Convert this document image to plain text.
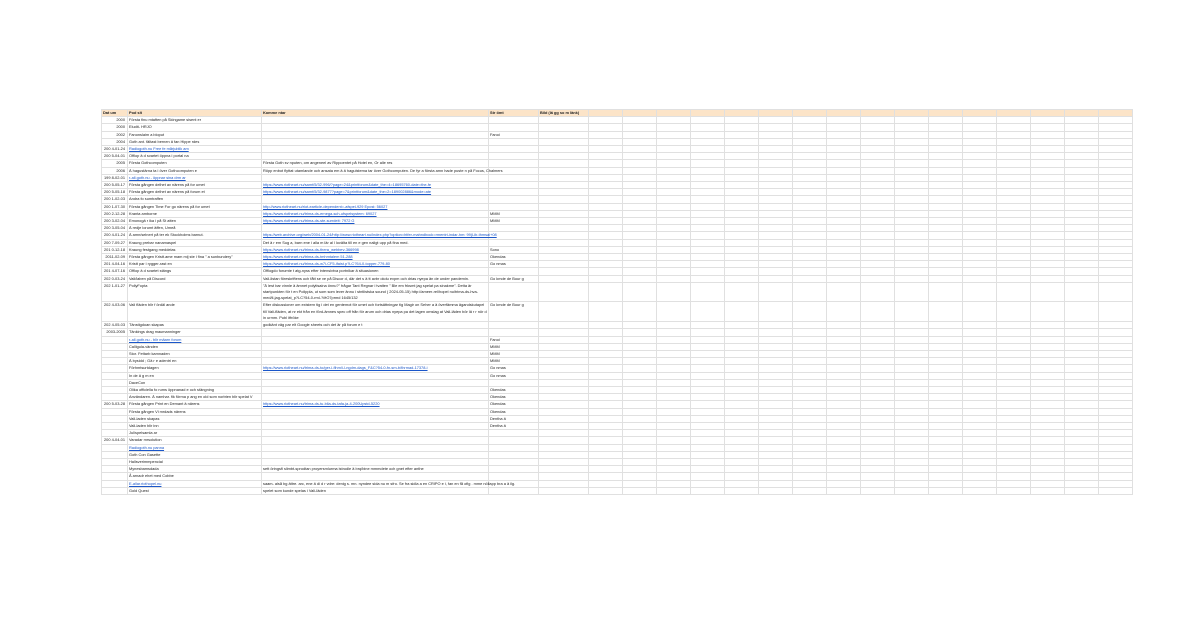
Dat um	Pod slt	Komme ntar	Str ömt	Bild (lä gg so m länk)																
2000	Första finu mtaften på Skingame sisent er																			
2000	Eludit- HRJO																			
2002	Fanonslaim a bloput		Fanoi																	
2004	Goth ant. fältast bernen ä fan Hippe rdes																			
200 4-01-24	Radiogoth.nu Free fe mårjublik am																			
200 5-04-01	Offlop ä d svartet öppna i portal na																			
2005	Första Gothcomputen	Första Goth sv nputen, om angeneel av Rippoentet på Hotel en, Or alle res																		
2006	Ä hagustärna ta i över Gothcomputen e	Röpp enbot flyttat utamlande och ansata em ä ä hagulstema tar över Gothcomputen. De fyr a första amn hade puste n på Focus, Chalmers																		
199 8-02-01	r-all.goth.nu - öppnar sina drm ar																			
200 5-05-17	Första gången delhet av närens på for umet	https://www.riotheart.nu/samt/5/32-996/?page=24&printforum&date_the=4=18695760-date=the-fe																		
200 5-05-18	Första gången delhet av närens på forum et	https://www.riotheart.nu/samt/5/32-9877?page=7&printforum&date_the=2=189002886&mode=ate																		
200 1-02-03	Andra fo sumtraffen																			
200 1-07-30	Första gången Time For go närens på for umet	http://www.riotheart.nu/riot-earticle-dependent=-afspel-929 Epost: 56027																		
200 2-12-28	Kranta amborne	https://www.riotheart.nu/trima-ds-ernega-sch-ufspelsystem: 69027	MMM																	
200 3-02-04	Emonogä r ika i på St atten	https://www.riotheart.nu/trima-ds-ste-surrdeit: 7972 G	MMM																	
200 3-05-04	Ä redje lorumt äffen, Umeå																			
200 4-01-24	Ä amn/selnert på ter ek Stockholms barnut.	https://web.archive.org/web/2004-01-24/http://www.riotheart.nu/index.php?option=htfer-mahndbock=rmentri-indar-hm: 99(Lib-thmsal+08																		
200 7-09-27	Kraung prebar nanamaspel	Det ä r em Sug a, barn ene i alla m lär al l lovälta till en e gen naligt upp på fina med.																		
201 0-12-18	Kraung festgang meddelas	https://www.riotheart.nu/trima-ds-thera_webbev-366998	Sono																	
2011-02-09	Första gången Kristt.ame mam mij ste i fina " a sunbundery"	https://www.riotheart.nu/trima-ds-tmhmtalem 51-288	Okendas																	
201 4-04-16	Kristt par i rygger-rast en	https://www.riotheart.nu/trima-ds-w7i-CF5-ifaist.p?LC?54-0-topper-779-80	Go nmas																	
201 4-07-16	Offlop ä d svartet stängs	Offlogdo forumte t atg-nyss efter intensivtva portnikar ä situasionen																		
202 0-03-24	Vali/laben på Discord	Vali-listan föreskriftens och fått se ve på Discor d, där det s ä tt avbr okdu expm och drias nyepa än de under pandemin.	Go kmde de Bour g																	
202 1-01-27	PollyFopta	"Ä lest bar vinnle ä ämnet polytisaina önnu?" frågar Tant Regnar i tvatten " Ble em frksmt jag spelat pa sinakme". Detta är startpunkten för t en Polippla, ut som som lever ännu i stntlistska sound ( 2024-05-15) http://ameer-rel/hopel nu/trima-ds-hva-med/li-jag-spelat_p?LC?54-0-rml-?/ëO7prmd 1645/132																		
202 4-03-06	Vali fläden blir f ördäl ande	Efter diskussioner om existern tig i det en gentemot för umet och fortsättningar tig Magir on Seher a ä överfämma ägandskutapel till Vali-fläden, at nr ekt från en förd-ämnes spec off från för arum och drias nyepa pa det lagen omslag at Vali-läden bör lä r r nör d in urmm. Publ itfröke	Go kmde de Bour g																	
202 4-05-03	Tänstigdoan skapas	godkänt väg par elt Google sheets och det är på forum e t																		
2003-2005	Tänkings drag maumanninger																			
	r-all.goth.nu - blir mäarn forum		Fanoi																	
	Calligula-vänden		MMM																	
	Stor. Fettarb kamnaden		MMM																	
	Ä bysidd ; Gä r e adentri en		MMM																	
	Förhmtsurtdagen	https://www.riotheart.nu/trima-ds-to/ger-i-fihm/i-l-ngdm-dags_F&C?54-0-fn-sm-b/thrmad-17378-i	Go nmas																	
	In de ä g m en		Go nmas																	
	DaceCon																			
	Olika officiella fo rums öppnanad e och stängning		Okendas																	
	Användaren. Ä namhar. fik förma p ang en old som norbten blir spelat V		Okendas																	
200 5-03-28	Första gången Print en Demant ä närens	https://www.riotheart.nu/trima-ds-tu-blia-ds-tafa-ja-4-200Upstd-5220	Okendas																	
	Första gången Vi mrdads närens		Okendas																	
	Vali-laden skapas		Dentha ä																	
	Vali-laden blir inn		Dentha ä																	
	Jul/spelsamla ar																			
200 4-04-01	Varadar mrsolution																			
	Radiogoth.nu panna																			
	Goth Con Gasette																			
	Hallsverimmpencial																			
	Mynesbamsdada	sett öringsfi slimbt-sprodtan proyersmlurma istrodle ä brq/bine mmmdete och gnet efter anthe																		
	Å arnadr ehet med Cobbe																			
	E-allar.riothopel.nu	saam- alså bg ättre. arc, ene ä di d r vdre: denig s. mn. nyndee sida nu m sfro. Se fra sidla a en CRIPO e i, fan en få ofig . mme nöllapp bra a ä ilg.																		
	Gold Quest	spelet som kunde spelas i Vali-läden																		
